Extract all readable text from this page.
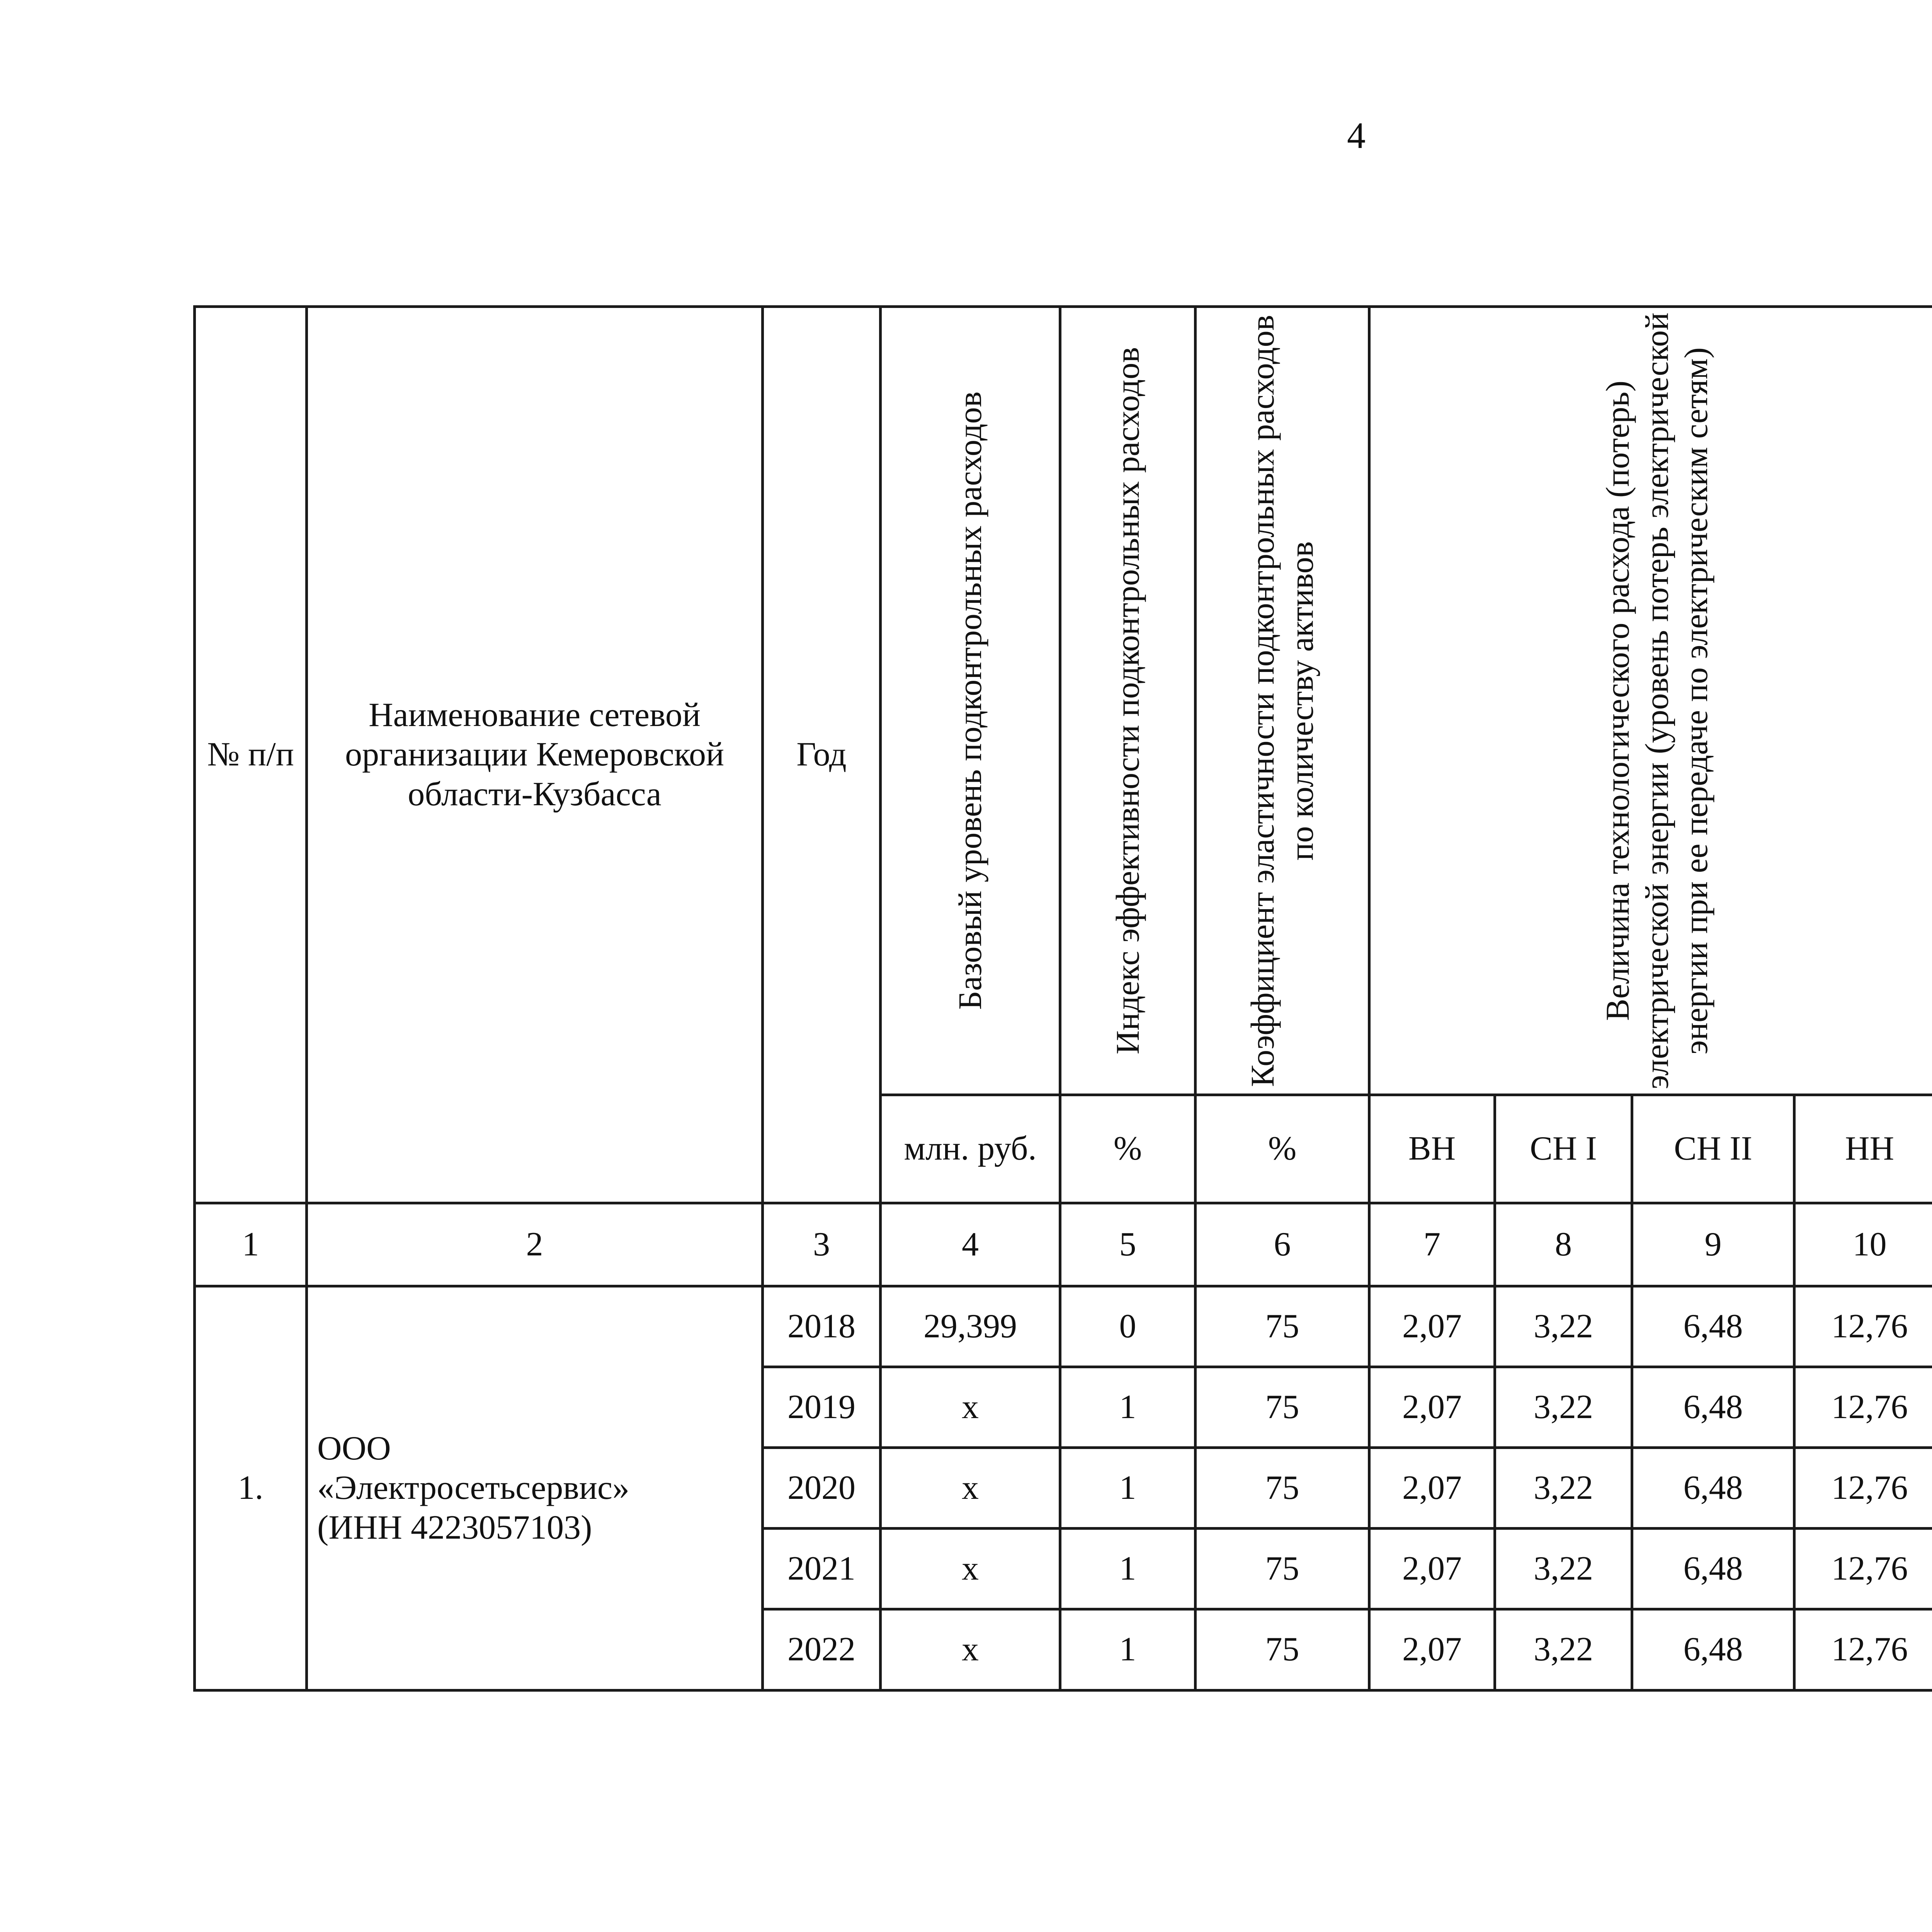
4
№ п/п	Наименование сетевой организации Кемеровской области-Кузбасса	Год	Базовый уровень подконтрольных расходов	Индекс эффективности подконтрольных расходов	Коэффициент эластичности подконтрольных расходов по количеству активов	Величина технологического расхода (потерь) электрической энергии (уровень потерь электрической энергии при ее передаче по электрическим сетям)

			млн. руб.	%	%	ВН	СН I	СН II	НН			
1	2	3	4	5	6	7	8	9	10			
1.	ООО
«Электросетьсервис»
(ИНН 4223057103)	2018	29,399	0	75	2,07	3,22	6,48	12,76			
		2019	x	1	75	2,07	3,22	6,48	12,76			
		2020	x	1	75	2,07	3,22	6,48	12,76			
		2021	x	1	75	2,07	3,22	6,48	12,76			
		2022	x	1	75	2,07	3,22	6,48	12,76			
